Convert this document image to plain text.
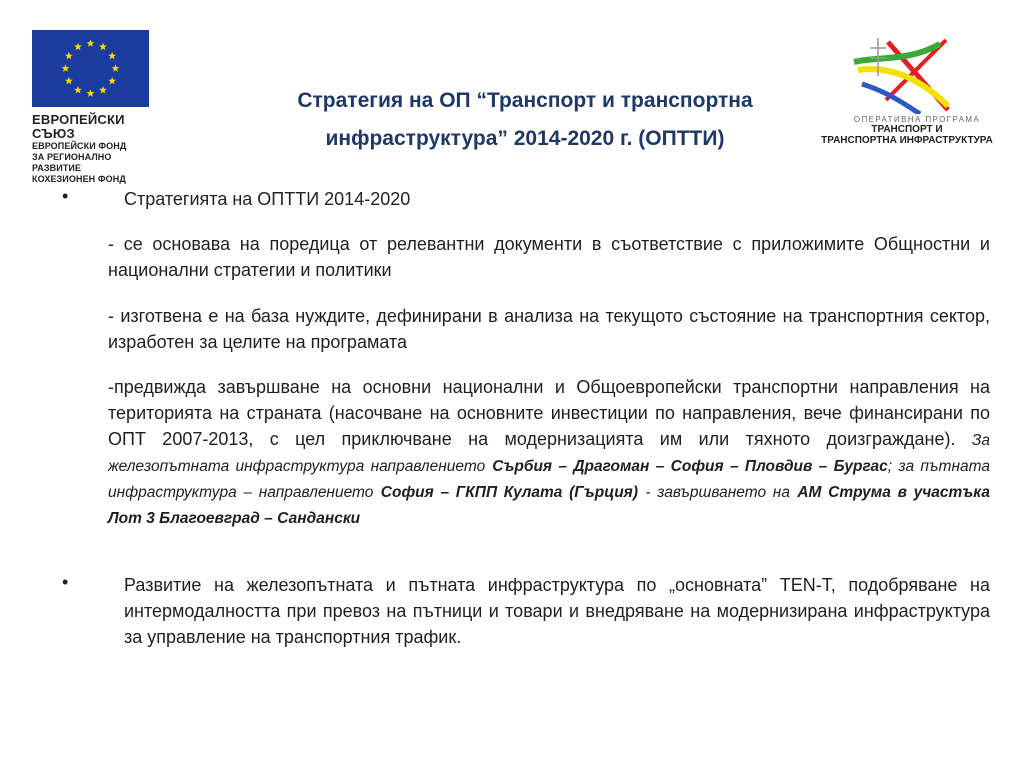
ЕВРОПЕЙСКИ СЪЮЗ
ЕВРОПЕЙСКИ ФОНД
ЗА РЕГИОНАЛНО РАЗВИТИЕ
КОХЕЗИОНЕН ФОНД
Стратегия на ОП “Транспорт и транспортна
инфраструктура” 2014-2020 г. (ОПТТИ)
ОПЕРАТИВНА ПРОГРАМА
ТРАНСПОРТ И
ТРАНСПОРТНА ИНФРАСТРУКТУРА
•	Стратегията на ОПТТИ 2014-2020
- се основава на поредица от релевантни документи в съответствие с приложимите Общностни и национални стратегии и политики
- изготвена е на база нуждите, дефинирани в анализа на текущото състояние на транспортния сектор, изработен за целите на програмата
-предвижда завършване на основни национални и Общоевропейски транспортни направления на територията на страната (насочване на основните инвестиции по направления, вече финансирани по ОПТ 2007-2013, с цел приключване на модернизацията им или тяхното доизграждане). За железопътната инфраструктура направлението Сърбия – Драгоман – София – Пловдив – Бургас; за пътната инфраструктура – направлението София – ГКПП Кулата (Гърция) - завършването на АМ Струма в участъка Лот 3 Благоевград – Сандански
•	Развитие на железопътната и пътната инфраструктура по „основната” TEN-T, подобряване на интермодалността при превоз на пътници и товари и внедряване на модернизирана инфраструктура за управление на транспортния трафик.
